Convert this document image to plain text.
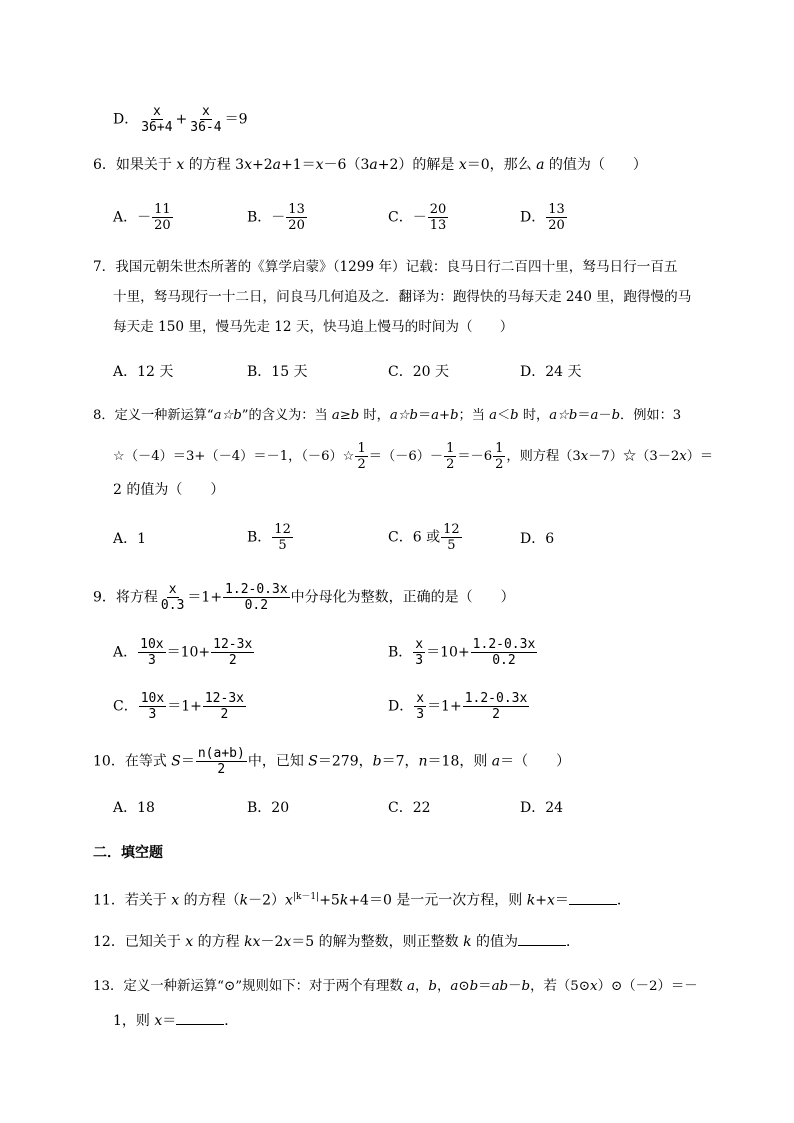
D． $\frac{x}{36+4} + \frac{x}{36-4} =9$
6．如果关于 x 的方程 3x+2a+1＝x－6（3a+2）的解是 x＝0，那么 a 的值为（　　）
A．－ $\frac{11}{20}$	B．－ $\frac{13}{20}$	C．－ $\frac{20}{13}$	D． $\frac{13}{20}$
7．我国元朝朱世杰所著的《算学启蒙》（1299 年）记载：良马日行二百四十里，驽马日行一百五
十里，驽马现行一十二日，问良马几何追及之．翻译为：跑得快的马每天走 240 里，跑得慢的马
每天走 150 里，慢马先走 12 天，快马追上慢马的时间为（　　）
A．12 天	B．15 天	C．20 天	D．24 天
8．定义一种新运算“a☆b”的含义为：当 a≥b 时，a☆b＝a+b；当 a＜b 时，a☆b＝a－b．例如：3
☆（－4）＝3+（－4）＝－1，（－6）☆ $\frac{1}{2} =(-6)- \frac{1}{2} =-6 \frac{1}{2}$ ，则方程（3x－7）☆（3－2x）＝
2 的值为（　　）
A．1	B． $\frac{12}{5}$	C．6 或 $\frac{12}{5}$	D．6
9．将方程 $\frac{x}{0.3} =1+ \frac{1.2-0.3x}{0.2}$ 中分母化为整数，正确的是（　　）
A． $\frac{10x}{3} =10+ \frac{12-3x}{2}$	B． $\frac{x}{3} =10+ \frac{1.2-0.3x}{0.2}$
C． $\frac{10x}{3} =1+ \frac{12-3x}{2}$	D． $\frac{x}{3} =1+ \frac{1.2-0.3x}{2}$
10．在等式 $S= \frac{n(a+b)}{2}$ 中，已知 S＝279，b＝7，n＝18，则 a＝（　　）
A．18	B．20	C．22	D．24
二．填空题
11．若关于 x 的方程$(k-2)x^{|k-1|}+5k+4=0$ 是一元一次方程，则 k+x＝	．
12．已知关于 x 的方程 kx－2x＝5 的解为整数，则正整数 k 的值为	．
13．定义一种新运算“⊙”规则如下：对于两个有理数 a，b，a⊙b＝ab－b，若（5⊙x）⊙（－2）＝－
1，则 x＝	．
